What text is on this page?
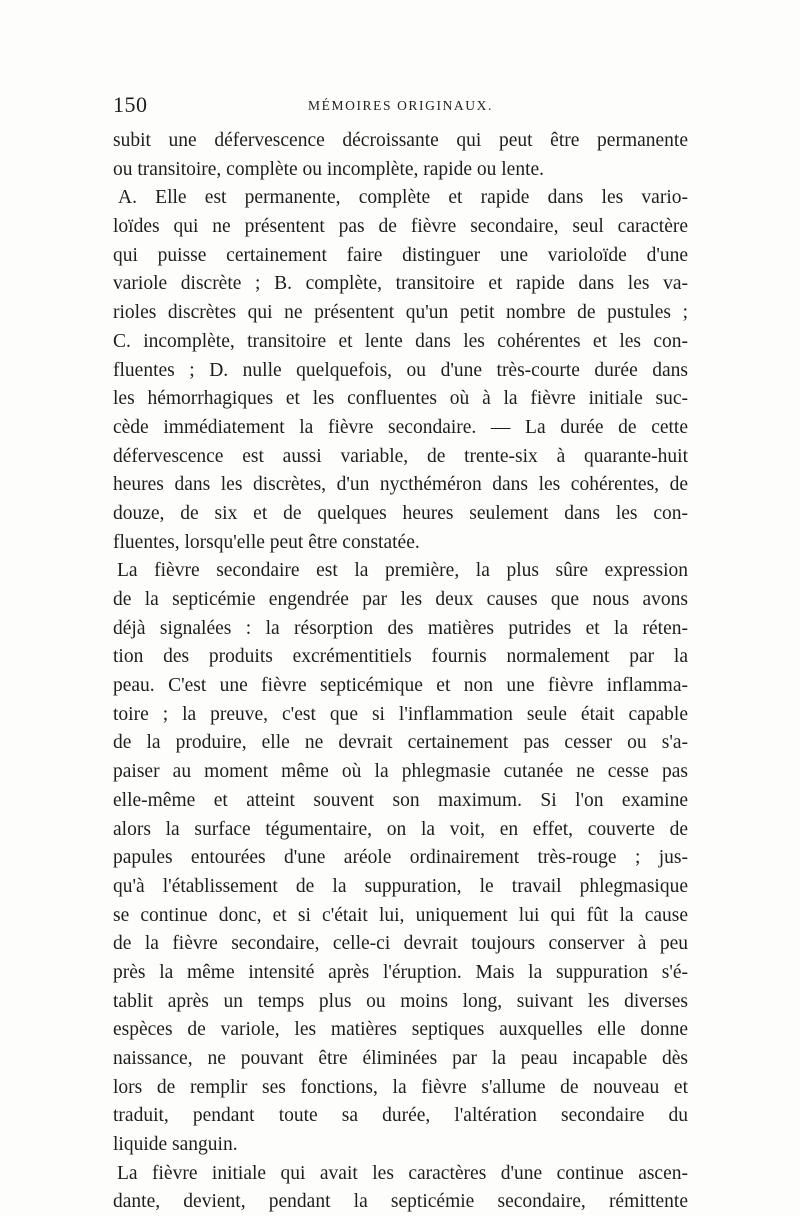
150	MÉMOIRES ORIGINAUX.
subit une défervescence décroissante qui peut être permanente
ou transitoire, complète ou incomplète, rapide ou lente.
A. Elle est permanente, complète et rapide dans les vario-
loïdes qui ne présentent pas de fièvre secondaire, seul caractère
qui puisse certainement faire distinguer une varioloïde d'une
variole discrète ; B. complète, transitoire et rapide dans les va-
rioles discrètes qui ne présentent qu'un petit nombre de pustules ;
C. incomplète, transitoire et lente dans les cohérentes et les con-
fluentes ; D. nulle quelquefois, ou d'une très-courte durée dans
les hémorrhagiques et les confluentes où à la fièvre initiale suc-
cède immédiatement la fièvre secondaire. — La durée de cette
défervescence est aussi variable, de trente-six à quarante-huit
heures dans les discrètes, d'un nycthéméron dans les cohérentes, de
douze, de six et de quelques heures seulement dans les con-
fluentes, lorsqu'elle peut être constatée.
La fièvre secondaire est la première, la plus sûre expression
de la septicémie engendrée par les deux causes que nous avons
déjà signalées : la résorption des matières putrides et la réten-
tion des produits excrémentitiels fournis normalement par la
peau. C'est une fièvre septicémique et non une fièvre inflamma-
toire ; la preuve, c'est que si l'inflammation seule était capable
de la produire, elle ne devrait certainement pas cesser ou s'a-
paiser au moment même où la phlegmasie cutanée ne cesse pas
elle-même et atteint souvent son maximum. Si l'on examine
alors la surface tégumentaire, on la voit, en effet, couverte de
papules entourées d'une aréole ordinairement très-rouge ; jus-
qu'à l'établissement de la suppuration, le travail phlegmasique
se continue donc, et si c'était lui, uniquement lui qui fût la cause
de la fièvre secondaire, celle-ci devrait toujours conserver à peu
près la même intensité après l'éruption. Mais la suppuration s'é-
tablit après un temps plus ou moins long, suivant les diverses
espèces de variole, les matières septiques auxquelles elle donne
naissance, ne pouvant être éliminées par la peau incapable dès
lors de remplir ses fonctions, la fièvre s'allume de nouveau et
traduit, pendant toute sa durée, l'altération secondaire du
liquide sanguin.
La fièvre initiale qui avait les caractères d'une continue ascen-
dante, devient, pendant la septicémie secondaire, rémittente
